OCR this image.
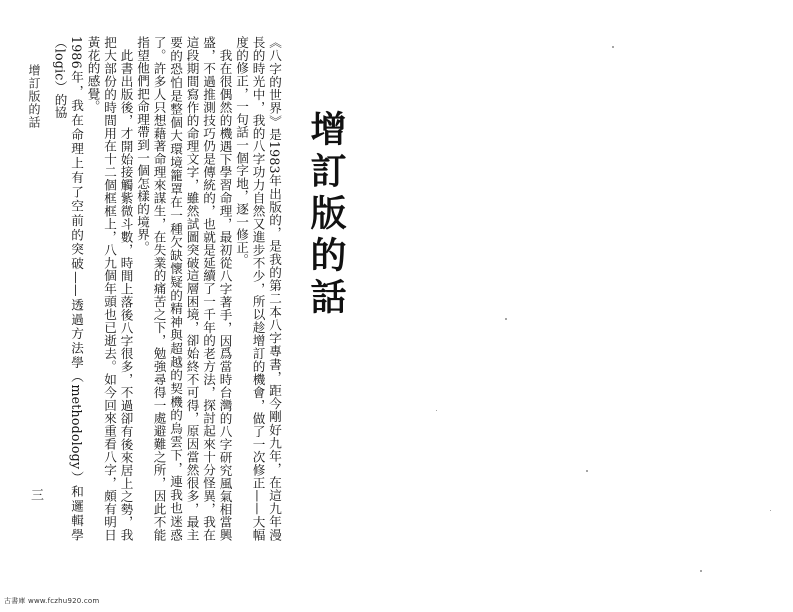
增訂版的話

《八字的世界》是1983年出版的，是我的第二本八字專書，距今剛好九年，在這九年漫長的時光中，我的八字功力自然又進步不少，所以趁增訂的機會，做了一次修正——大幅度的修正，一句話一個字地，逐一修正。

我在很偶然的機遇下學習命理，最初從八字著手，因爲當時台灣的八字研究風氣相當興盛，不過推測技巧仍是傳統的，也就是延續了一千年的老方法，探討起來十分怪異，我在這段期間寫作的命理文字，雖然試圖突破這層困境，卻始終不可得，原因當然很多，最主要的恐怕是整個大環境籠罩在一種欠缺懷疑的精神與超越的契機的烏雲下，連我也迷惑了。許多人只想藉著命理來謀生，在失業的痛苦之下，勉強尋得一處避難之所，因此不能指望他們把命理帶到一個怎樣的境界。

此書出版後，才開始接觸紫微斗數，時間上落後八字很多，不過卻有後來居上之勢，我把大部份的時間用在十二個框框上，八九個年頭也已逝去。如今回來重看八字，頗有明日黃花的感覺。

1986年，我在命理上有了空前的突破——透過方法學（methodology）和邏輯學（logic）的協

增訂版的話
三
古書庫 www.fczhu920.com
